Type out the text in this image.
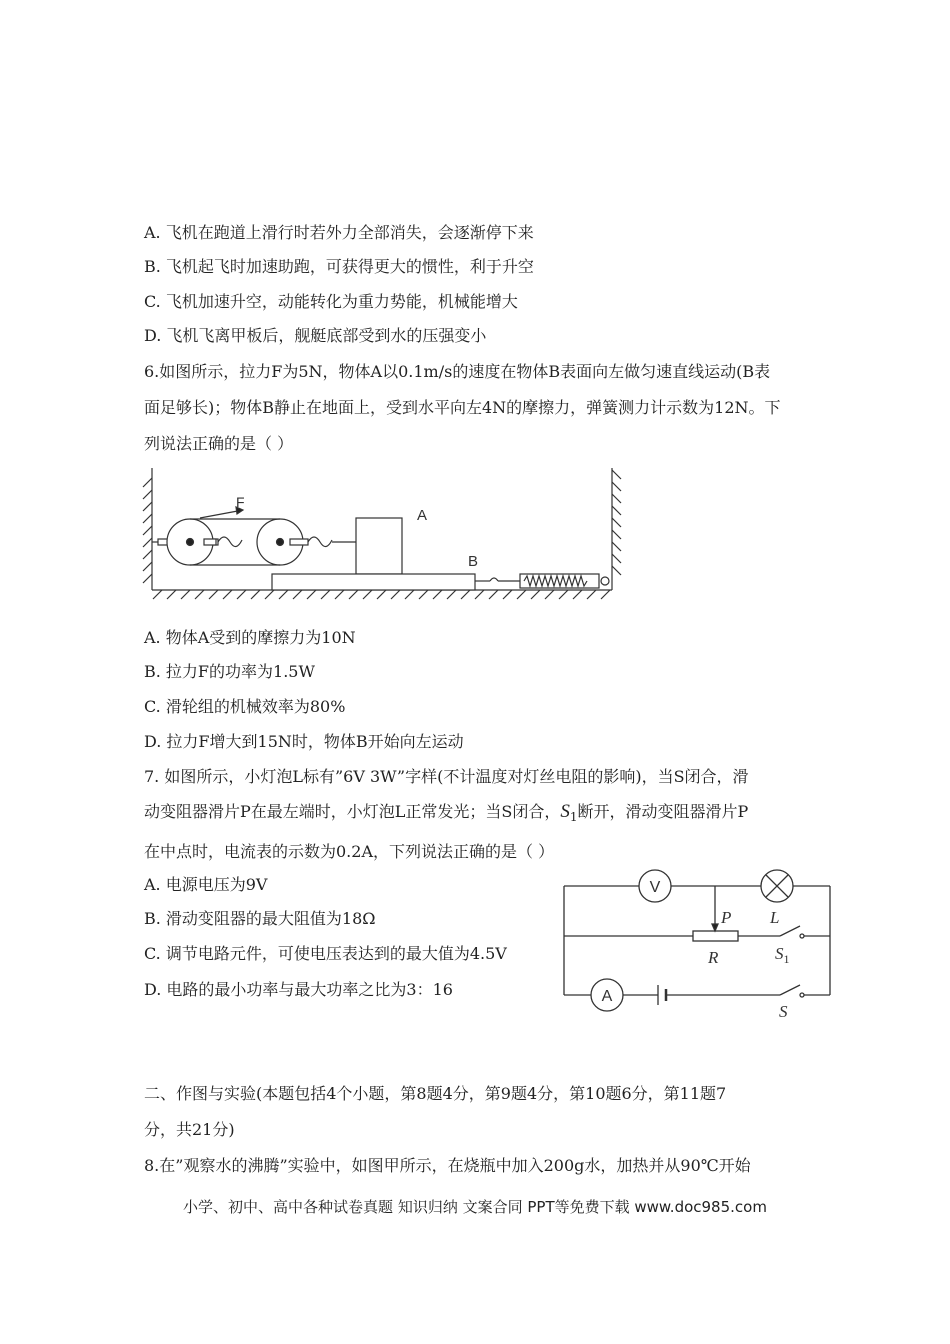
A. 飞机在跑道上滑行时若外力全部消失，会逐渐停下来
B. 飞机起飞时加速助跑，可获得更大的惯性，利于升空
C. 飞机加速升空，动能转化为重力势能，机械能增大
D. 飞机飞离甲板后，舰艇底部受到水的压强变小
6.如图所示，拉力F为5N，物体A以0.1m/s的速度在物体B表面向左做匀速直线运动(B表
面足够长)；物体B静止在地面上，受到水平向左4N的摩擦力，弹簧测力计示数为12N。下
列说法正确的是（ ）
F
A
B
A. 物体A受到的摩擦力为10N
B. 拉力F的功率为1.5W
C. 滑轮组的机械效率为80%
D. 拉力F增大到15N时，物体B开始向左运动
7. 如图所示，小灯泡L标有”6V 3W”字样(不计温度对灯丝电阻的影响)，当S闭合，滑
动变阻器滑片P在最左端时，小灯泡L正常发光；当S闭合，$S_1$断开，滑动变阻器滑片P
在中点时，电流表的示数为0.2A，下列说法正确的是（ ）
A. 电源电压为9V
B. 滑动变阻器的最大阻值为18Ω
C. 调节电路元件，可使电压表达到的最大值为4.5V
D. 电路的最小功率与最大功率之比为3：16
V
A
P
R
L
$S_1$
S
二、作图与实验(本题包括4个小题，第8题4分，第9题4分，第10题6分，第11题7
分，共21分)
8.在”观察水的沸腾”实验中，如图甲所示，在烧瓶中加入200g水，加热并从90℃开始
小学、初中、高中各种试卷真题 知识归纳 文案合同 PPT等免费下载 www.doc985.com
